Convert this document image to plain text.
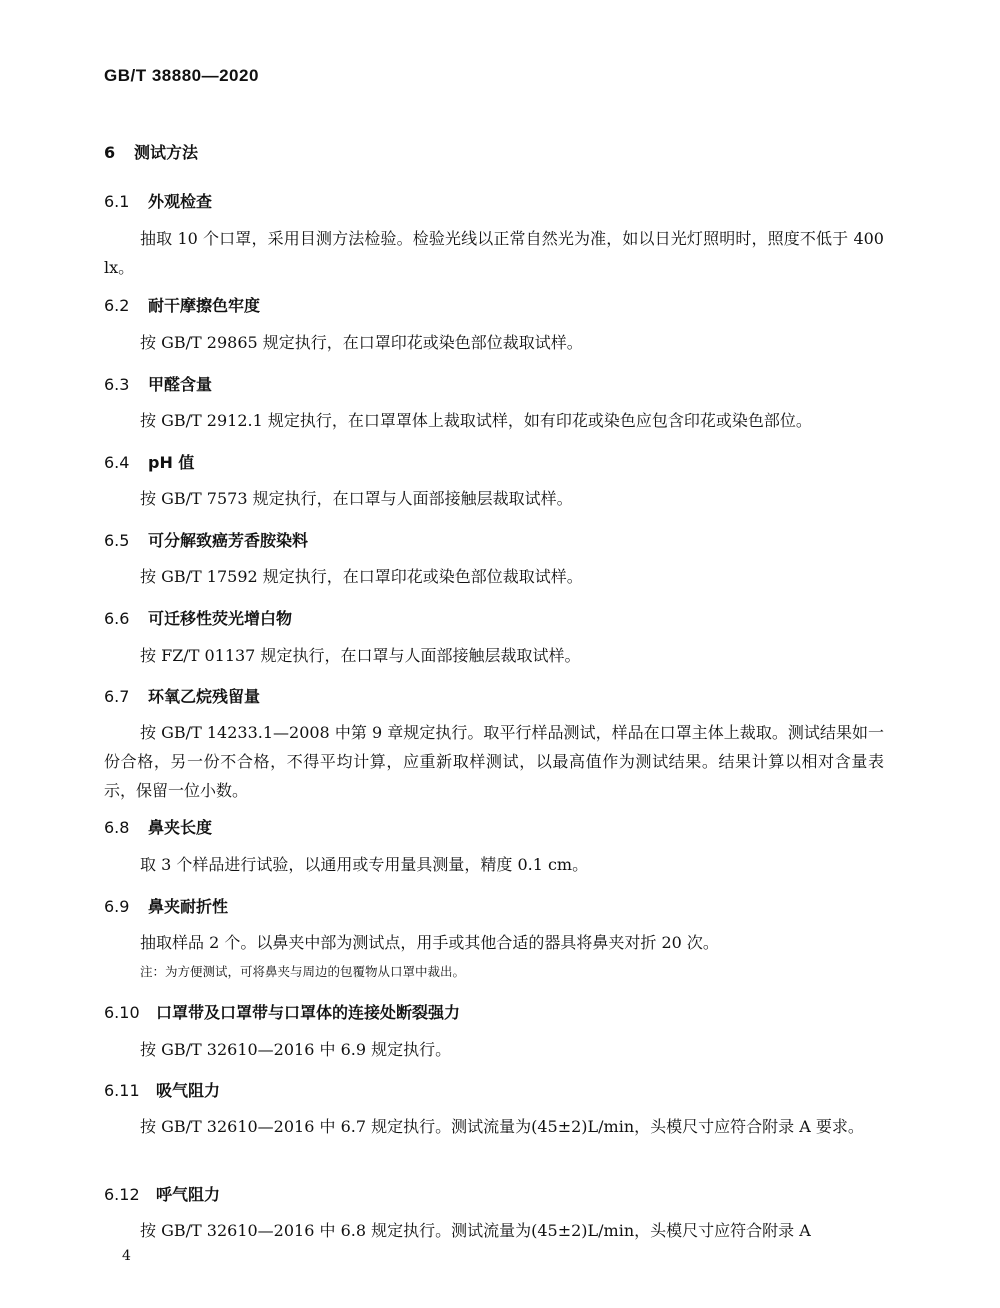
GB/T 38880—2020
6 测试方法
6.1 外观检查
抽取 10 个口罩，采用目测方法检验。检验光线以正常自然光为准，如以日光灯照明时，照度不低于 400 lx。
6.2 耐干摩擦色牢度
按 GB/T 29865 规定执行，在口罩印花或染色部位裁取试样。
6.3 甲醛含量
按 GB/T 2912.1 规定执行，在口罩罩体上裁取试样，如有印花或染色应包含印花或染色部位。
6.4 pH 值
按 GB/T 7573 规定执行，在口罩与人面部接触层裁取试样。
6.5 可分解致癌芳香胺染料
按 GB/T 17592 规定执行，在口罩印花或染色部位裁取试样。
6.6 可迁移性荧光增白物
按 FZ/T 01137 规定执行，在口罩与人面部接触层裁取试样。
6.7 环氧乙烷残留量
按 GB/T 14233.1—2008 中第 9 章规定执行。取平行样品测试，样品在口罩主体上裁取。测试结果如一份合格，另一份不合格，不得平均计算，应重新取样测试，以最高值作为测试结果。结果计算以相对含量表示，保留一位小数。
6.8 鼻夹长度
取 3 个样品进行试验，以通用或专用量具测量，精度 0.1 cm。
6.9 鼻夹耐折性
抽取样品 2 个。以鼻夹中部为测试点，用手或其他合适的器具将鼻夹对折 20 次。
注：为方便测试，可将鼻夹与周边的包覆物从口罩中裁出。
6.10 口罩带及口罩带与口罩体的连接处断裂强力
按 GB/T 32610—2016 中 6.9 规定执行。
6.11 吸气阻力
按 GB/T 32610—2016 中 6.7 规定执行。测试流量为(45±2)L/min，头模尺寸应符合附录 A 要求。
6.12 呼气阻力
按 GB/T 32610—2016 中 6.8 规定执行。测试流量为(45±2)L/min，头模尺寸应符合附录 A
4
